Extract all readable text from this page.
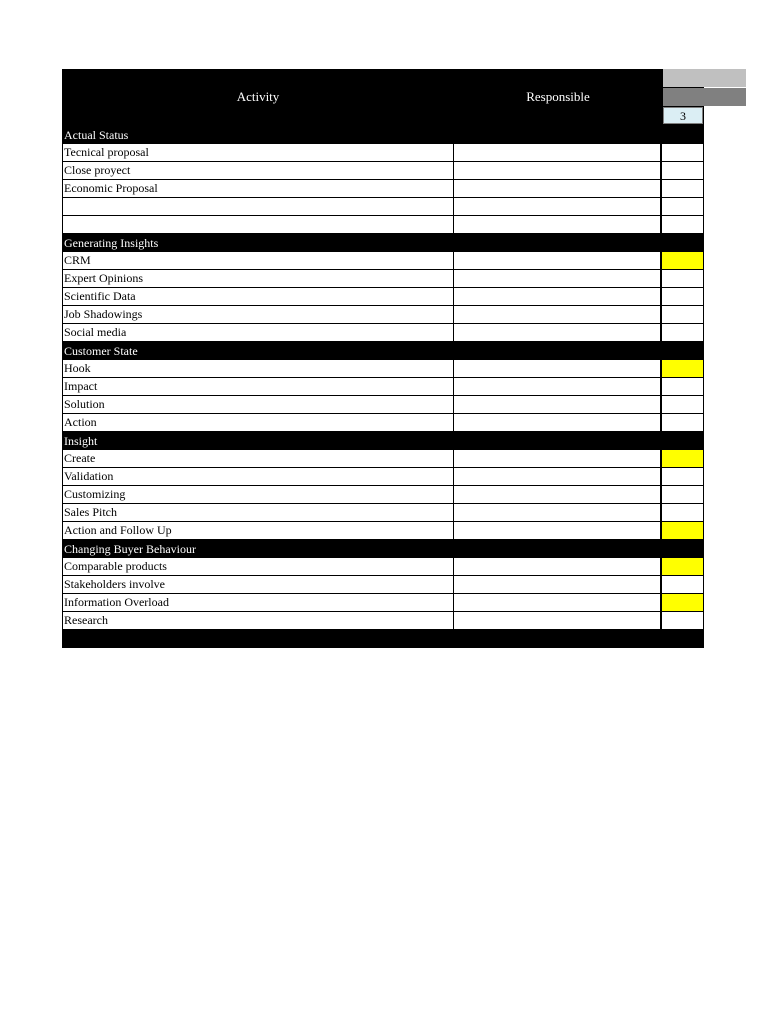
Activity	Responsible
3
Actual Status
Tecnical proposal
Close proyect
Economic Proposal
Generating Insights
CRM
Expert Opinions
Scientific Data
Job Shadowings
Social media
Customer State
Hook
Impact
Solution
Action
Insight
Create
Validation
Customizing
Sales Pitch
Action and Follow Up
Changing Buyer Behaviour
Comparable products
Stakeholders involve
Information Overload
Research
